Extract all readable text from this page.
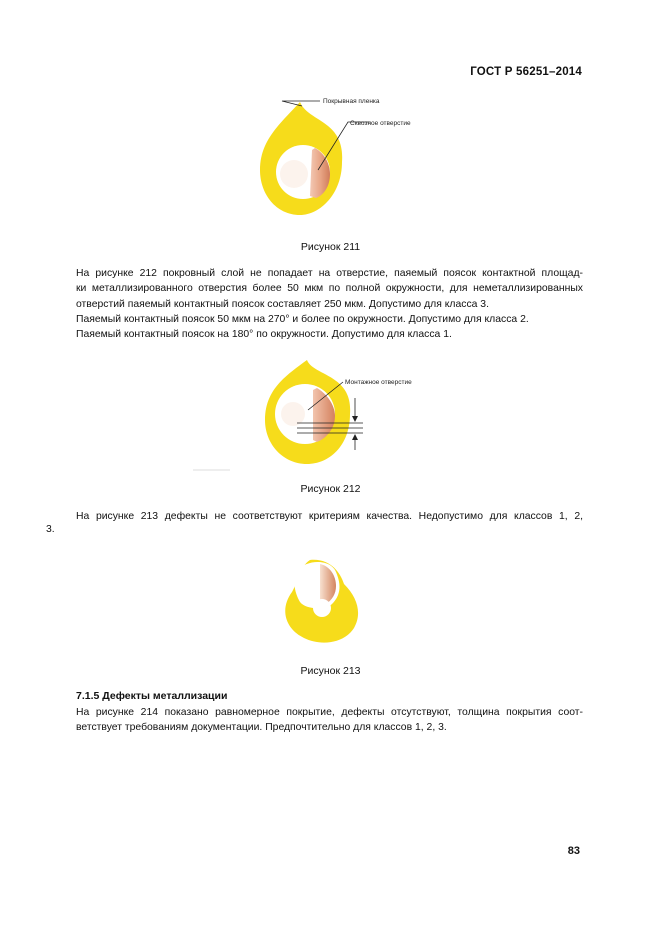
ГОСТ Р 56251–2014
Покрывная пленка
Сквозное отверстие
Рисунок 211
На рисунке 212 покровный слой не попадает на отверстие, паяемый поясок контактной площад-
ки металлизированного отверстия более 50 мкм по полной окружности, для неметаллизированных
отверстий паяемый контактный поясок составляет 250 мкм. Допустимо для класса 3.
Паяемый контактный поясок 50 мкм на 270° и более по окружности. Допустимо для класса 2.
Паяемый контактный поясок на 180° по окружности. Допустимо для класса 1.
Монтажное отверстие
Рисунок 212
На рисунке 213 дефекты не соответствуют критериям качества. Недопустимо для классов 1, 2,
3.
Рисунок 213
7.1.5 Дефекты металлизации
На рисунке 214 показано равномерное покрытие, дефекты отсутствуют, толщина покрытия соот-
ветствует требованиям документации. Предпочтительно для классов 1, 2, 3.
83
